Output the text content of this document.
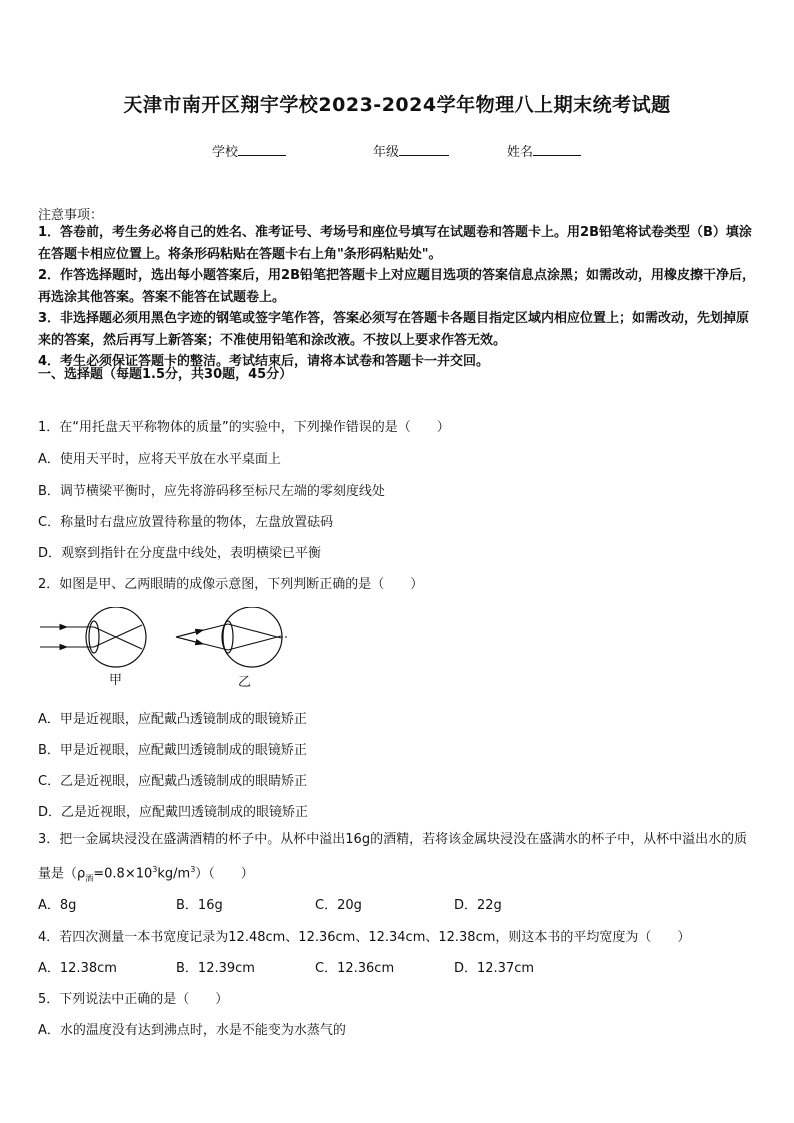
天津市南开区翔宇学校2023-2024学年物理八上期末统考试题
学校	年级	姓名
注意事项：

1．答卷前，考生务必将自己的姓名、准考证号、考场号和座位号填写在试题卷和答题卡上。用2B铅笔将试卷类型（B）填涂在答题卡相应位置上。将条形码粘贴在答题卡右上角"条形码粘贴处"。

2．作答选择题时，选出每小题答案后，用2B铅笔把答题卡上对应题目选项的答案信息点涂黑；如需改动，用橡皮擦干净后，再选涂其他答案。答案不能答在试题卷上。

3．非选择题必须用黑色字迹的钢笔或签字笔作答，答案必须写在答题卡各题目指定区域内相应位置上；如需改动，先划掉原来的答案，然后再写上新答案；不准使用铅笔和涂改液。不按以上要求作答无效。

4．考生必须保证答题卡的整洁。考试结束后，请将本试卷和答题卡一并交回。

一、选择题（每题1.5分，共30题，45分）
1．在“用托盘天平称物体的质量”的实验中，下列操作错误的是（　　）
A．使用天平时，应将天平放在水平桌面上
B．调节横梁平衡时，应先将游码移至标尺左端的零刻度线处
C．称量时右盘应放置待称量的物体，左盘放置砝码
D．观察到指针在分度盘中线处，表明横梁已平衡
2．如图是甲、乙两眼睛的成像示意图，下列判断正确的是（　　）
甲	乙
A．甲是近视眼，应配戴凸透镜制成的眼镜矫正
B．甲是近视眼，应配戴凹透镜制成的眼镜矫正
C．乙是近视眼，应配戴凸透镜制成的眼睛矫正
D．乙是近视眼，应配戴凹透镜制成的眼镜矫正
3．把一金属块浸没在盛满酒精的杯子中。从杯中溢出16g的酒精，若将该金属块浸没在盛满水的杯子中，从杯中溢出水的质量是$(\rho_酒=0.8\times 10^3kg/m^3)$（　　）
A．8g	B．16g	C．20g	D．22g
4．若四次测量一本书宽度记录为12.48cm、12.36cm、12.34cm、12.38cm，则这本书的平均宽度为（　　）
A．12.38cm	B．12.39cm	C．12.36cm	D．12.37cm
5．下列说法中正确的是（　　）
A．水的温度没有达到沸点时，水是不能变为水蒸气的
